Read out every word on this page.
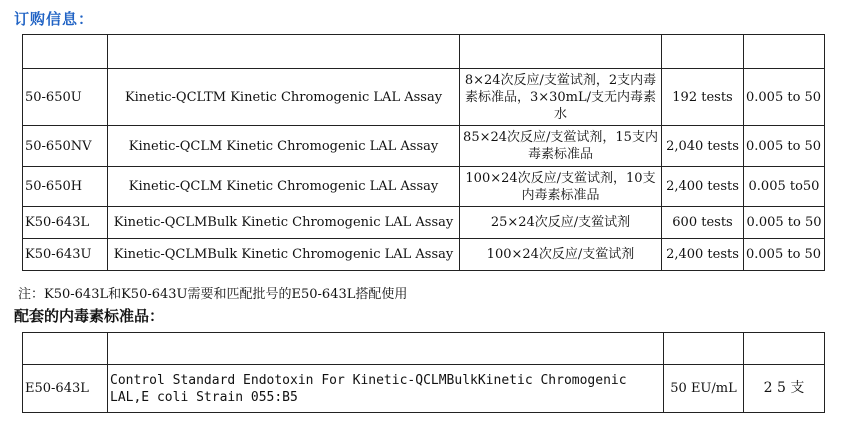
订购信息：

50-650U	Kinetic-QCLTM Kinetic Chromogenic LAL Assay	8×24次反应/支鲎试剂，2支内毒素标准品，3×30mL/支无内毒素水	192 tests	0.005 to 50
50-650NV	Kinetic-QCLM Kinetic Chromogenic LAL Assay	85×24次反应/支鲎试剂，15支内毒素标准品	2,040 tests	0.005 to 50
50-650H	Kinetic-QCLM Kinetic Chromogenic LAL Assay	100×24次反应/支鲎试剂，10支内毒素标准品	2,400 tests	0.005 to50
K50-643L	Kinetic-QCLMBulk Kinetic Chromogenic LAL Assay	25×24次反应/支鲎试剂	600 tests	0.005 to 50
K50-643U	Kinetic-QCLMBulk Kinetic Chromogenic LAL Assay	100×24次反应/支鲎试剂	2,400 tests	0.005 to 50
注：K50-643L和K50-643U需要和匹配批号的E50-643L搭配使用
配套的内毒素标准品：

E50-643L	Control Standard Endotoxin For Kinetic-QCLMBulkKinetic Chromogenic LAL,E coli Strain 055:B5	50 EU/mL	2 5 支
